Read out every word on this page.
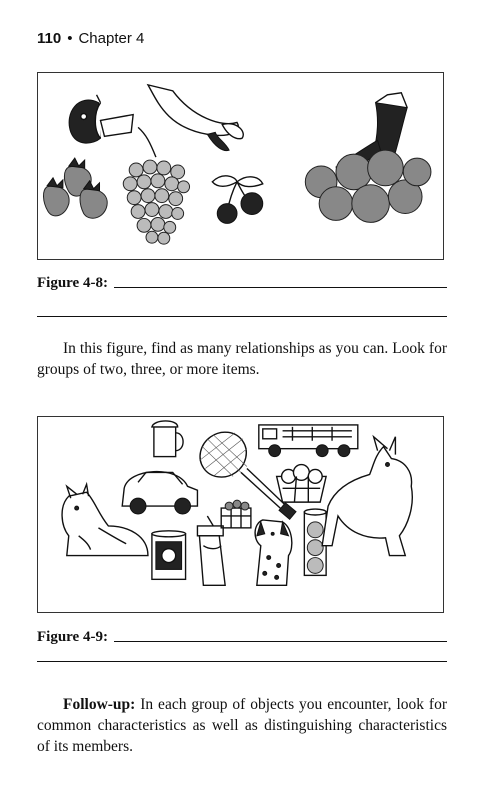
110 • Chapter 4
Figure 4-8:

In this figure, find as many relationships as you can. Look for groups of two, three, or more items.

Figure 4-9:

Follow-up: In each group of objects you encounter, look for common characteristics as well as distinguishing characteristics of its members.
